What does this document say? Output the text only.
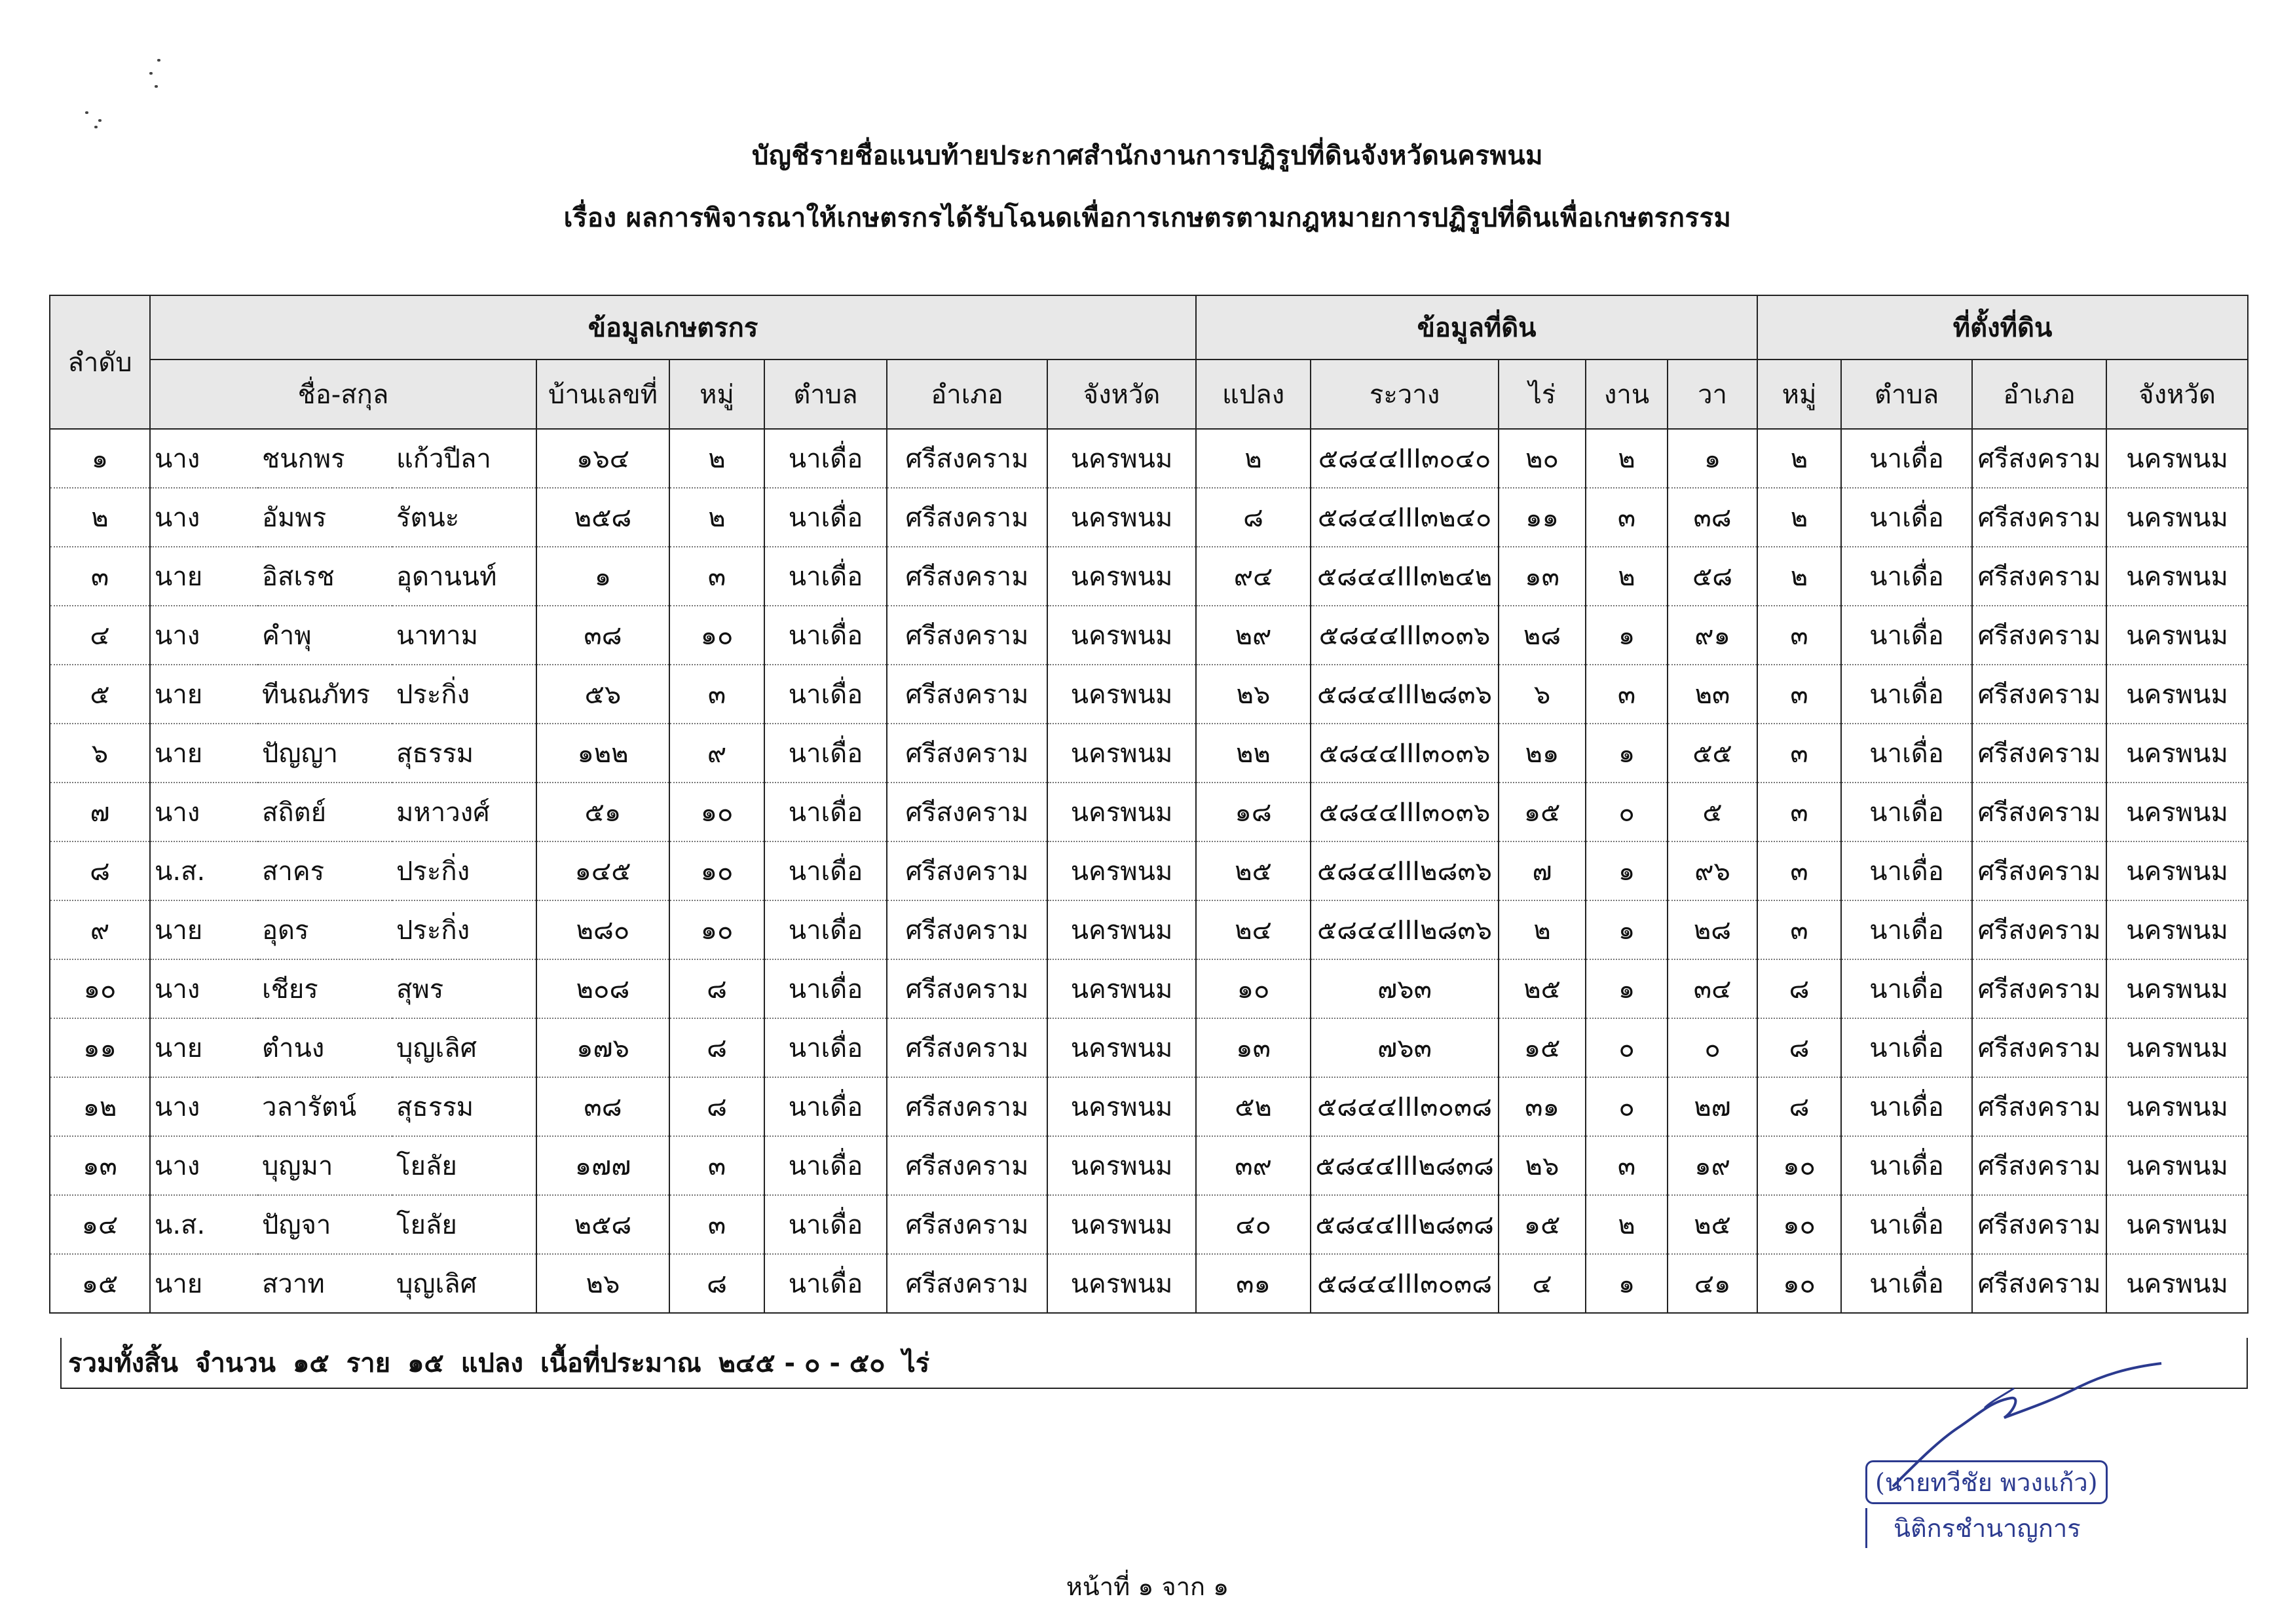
บัญชีรายชื่อแนบท้ายประกาศสำนักงานการปฏิรูปที่ดินจังหวัดนครพนม
เรื่อง ผลการพิจารณาให้เกษตรกรได้รับโฉนดเพื่อการเกษตรตามกฎหมายการปฏิรูปที่ดินเพื่อเกษตรกรรม
ลำดับ	ข้อมูลเกษตรกร								ข้อมูลที่ดิน					ที่ตั้งที่ดิน			
	ชื่อ-สกุล			บ้านเลขที่	หมู่	ตำบล	อำเภอ	จังหวัด	แปลง	ระวาง	ไร่	งาน	วา	หมู่	ตำบล	อำเภอ	จังหวัด
๑	นาง	ชนกพร	แก้วปีลา	๑๖๔	๒	นาเดื่อ	ศรีสงคราม	นครพนม	๒	๕๘๔๔III๓๐๔๐	๒๐	๒	๑	๒	นาเดื่อ	ศรีสงคราม	นครพนม
๒	นาง	อัมพร	รัตนะ	๒๕๘	๒	นาเดื่อ	ศรีสงคราม	นครพนม	๘	๕๘๔๔III๓๒๔๐	๑๑	๓	๓๘	๒	นาเดื่อ	ศรีสงคราม	นครพนม
๓	นาย	อิสเรช	อุดานนท์	๑	๓	นาเดื่อ	ศรีสงคราม	นครพนม	๙๔	๕๘๔๔III๓๒๔๒	๑๓	๒	๕๘	๒	นาเดื่อ	ศรีสงคราม	นครพนม
๔	นาง	คำพุ	นาทาม	๓๘	๑๐	นาเดื่อ	ศรีสงคราม	นครพนม	๒๙	๕๘๔๔III๓๐๓๖	๒๘	๑	๙๑	๓	นาเดื่อ	ศรีสงคราม	นครพนม
๕	นาย	ทีนณภัทร	ประกิ่ง	๕๖	๓	นาเดื่อ	ศรีสงคราม	นครพนม	๒๖	๕๘๔๔III๒๘๓๖	๖	๓	๒๓	๓	นาเดื่อ	ศรีสงคราม	นครพนม
๖	นาย	ปัญญา	สุธรรม	๑๒๒	๙	นาเดื่อ	ศรีสงคราม	นครพนม	๒๒	๕๘๔๔III๓๐๓๖	๒๑	๑	๕๕	๓	นาเดื่อ	ศรีสงคราม	นครพนม
๗	นาง	สถิตย์	มหาวงศ์	๕๑	๑๐	นาเดื่อ	ศรีสงคราม	นครพนม	๑๘	๕๘๔๔III๓๐๓๖	๑๕	๐	๕	๓	นาเดื่อ	ศรีสงคราม	นครพนม
๘	น.ส.	สาคร	ประกิ่ง	๑๔๕	๑๐	นาเดื่อ	ศรีสงคราม	นครพนม	๒๕	๕๘๔๔III๒๘๓๖	๗	๑	๙๖	๓	นาเดื่อ	ศรีสงคราม	นครพนม
๙	นาย	อุดร	ประกิ่ง	๒๘๐	๑๐	นาเดื่อ	ศรีสงคราม	นครพนม	๒๔	๕๘๔๔III๒๘๓๖	๒	๑	๒๘	๓	นาเดื่อ	ศรีสงคราม	นครพนม
๑๐	นาง	เชียร	สุพร	๒๐๘	๘	นาเดื่อ	ศรีสงคราม	นครพนม	๑๐	๗๖๓	๒๕	๑	๓๔	๘	นาเดื่อ	ศรีสงคราม	นครพนม
๑๑	นาย	ตำนง	บุญเลิศ	๑๗๖	๘	นาเดื่อ	ศรีสงคราม	นครพนม	๑๓	๗๖๓	๑๕	๐	๐	๘	นาเดื่อ	ศรีสงคราม	นครพนม
๑๒	นาง	วลารัตน์	สุธรรม	๓๘	๘	นาเดื่อ	ศรีสงคราม	นครพนม	๕๒	๕๘๔๔III๓๐๓๘	๓๑	๐	๒๗	๘	นาเดื่อ	ศรีสงคราม	นครพนม
๑๓	นาง	บุญมา	โยลัย	๑๗๗	๓	นาเดื่อ	ศรีสงคราม	นครพนม	๓๙	๕๘๔๔III๒๘๓๘	๒๖	๓	๑๙	๑๐	นาเดื่อ	ศรีสงคราม	นครพนม
๑๔	น.ส.	ปัญจา	โยลัย	๒๕๘	๓	นาเดื่อ	ศรีสงคราม	นครพนม	๔๐	๕๘๔๔III๒๘๓๘	๑๕	๒	๒๕	๑๐	นาเดื่อ	ศรีสงคราม	นครพนม
๑๕	นาย	สวาท	บุญเลิศ	๒๖	๘	นาเดื่อ	ศรีสงคราม	นครพนม	๓๑	๕๘๔๔III๓๐๓๘	๔	๑	๔๑	๑๐	นาเดื่อ	ศรีสงคราม	นครพนม
รวมทั้งสิ้น จำนวน ๑๕ ราย ๑๕ แปลง เนื้อที่ประมาณ ๒๔๕ - ๐ - ๕๐ ไร่
(นายทวีชัย พวงแก้ว)
นิติกรชำนาญการ
หน้าที่ ๑ จาก ๑
